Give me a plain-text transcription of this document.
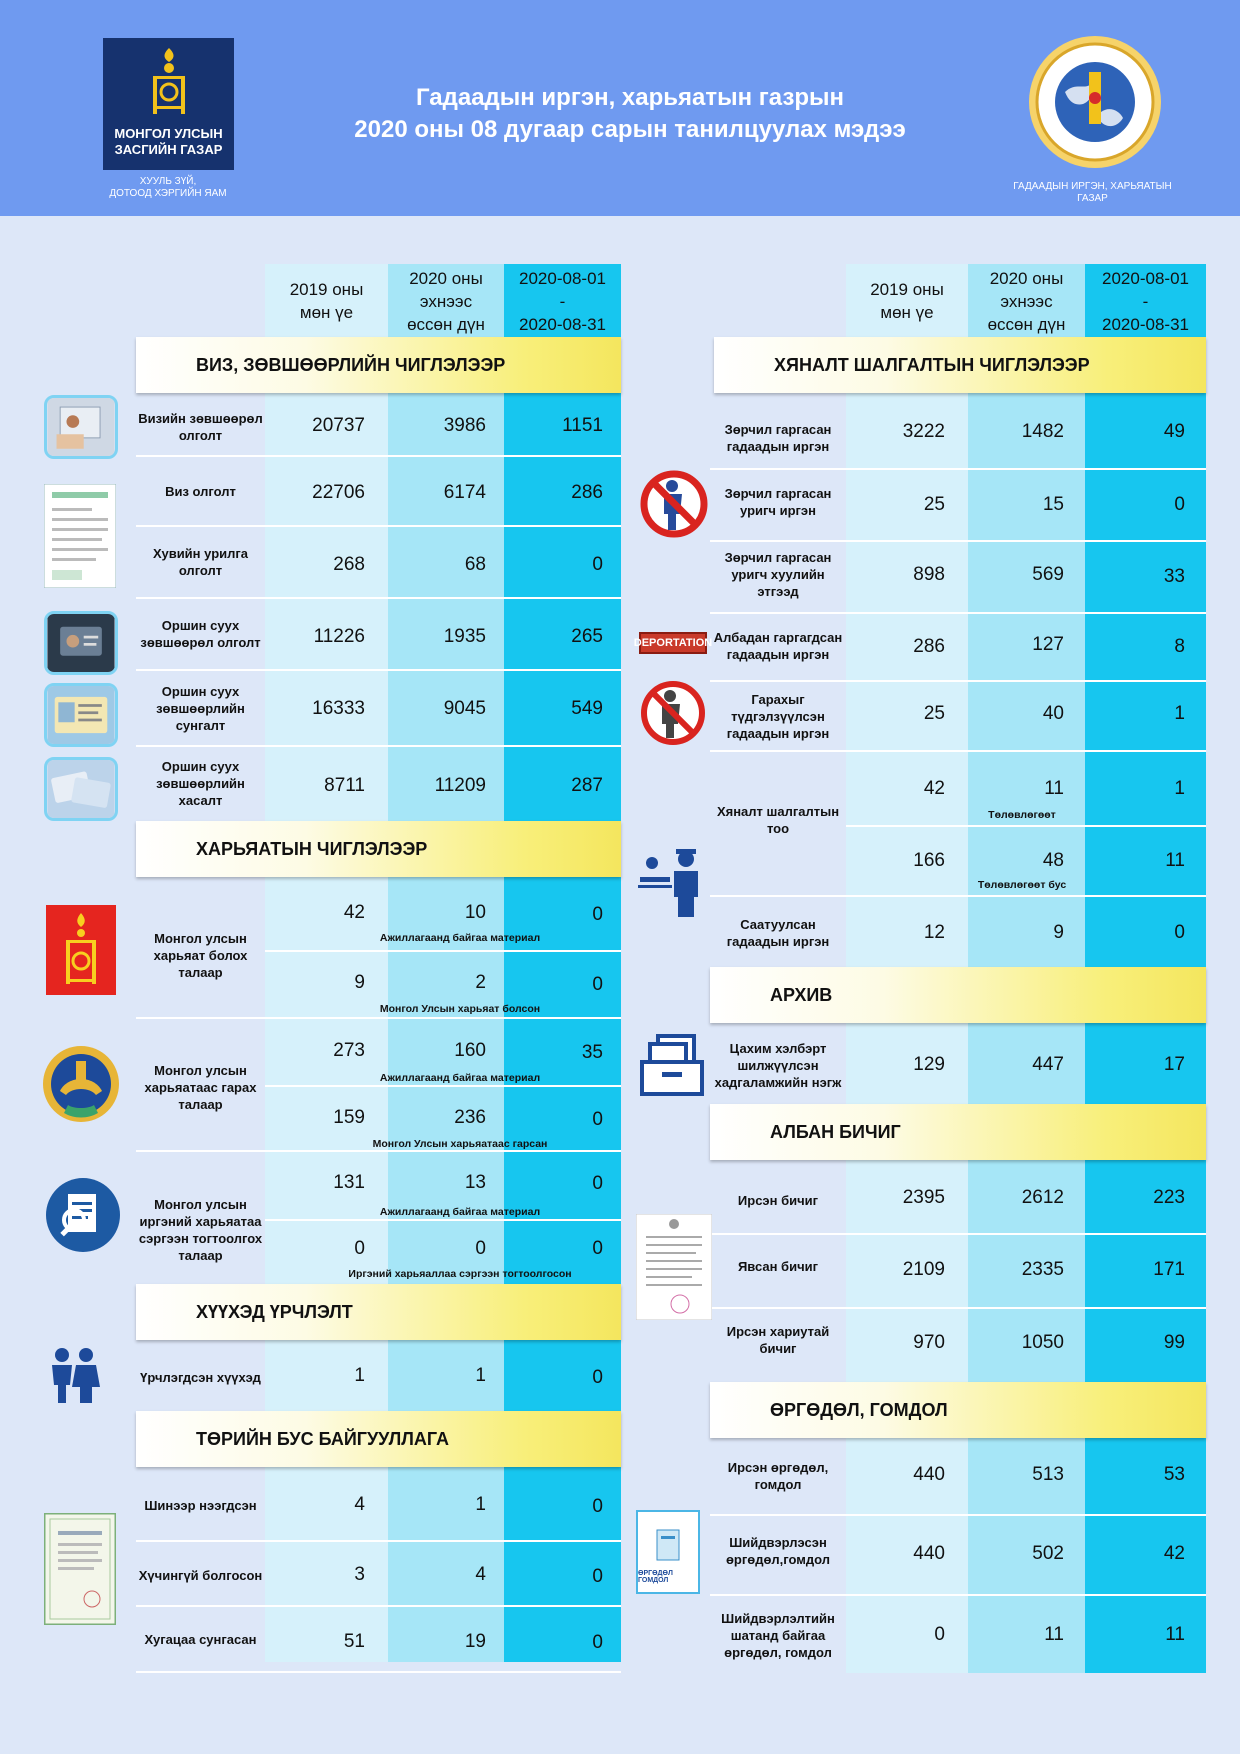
МОНГОЛ УЛСЫН
ЗАСГИЙН ГАЗАР
ХУУЛЬ ЗҮЙ,
ДОТООД ХЭРГИЙН ЯАМ
Гадаадын иргэн, харьяатын газрын
2020 оны 08 дугаар сарын танилцуулах мэдээ
ГАДААДЫН ИРГЭН, ХАРЬЯАТЫН
ГАЗАР
2019 оны
мөн үе
2020 оны
эхнээс
өссөн дүн
2020-08-01
-
2020-08-31
ВИЗ, ЗӨВШӨӨРЛИЙН ЧИГЛЭЛЭЭР
Визийн зөвшөөрөл олголт	20737	3986	1151
Виз олголт	22706	6174	286
Хувийн урилга олголт	268	68	0
Оршин суух зөвшөөрөл олголт	11226	1935	265
Оршин суух зөвшөөрлийн сунгалт
16333	9045	549
Оршин суух зөвшөөрлийн хасалт
8711	11209	287
ХАРЬЯАТЫН ЧИГЛЭЛЭЭР
Монгол улсын харьяат болох талаар
42	10	0
Ажиллагаанд байгаа материал
9	2	0
Монгол Улсын харьяат болсон
Монгол улсын харьяатаас гарах талаар
273	160	35
Ажиллагаанд байгаа материал
159	236	0
Монгол Улсын харьяатаас гарсан
Монгол улсын иргэний харьяатаа сэргээн тогтоолгох талаар
131	13	0
Ажиллагаанд байгаа материал
0	0	0
Иргэний харьяаллаа сэргээн тогтоолгосон
ХҮҮХЭД ҮРЧЛЭЛТ
Үрчлэгдсэн хүүхэд	1	1	0
ТӨРИЙН БУС БАЙГУУЛЛАГА
Шинээр нээгдсэн	4	1	0
Хүчингүй болгосон	3	4	0
Хугацаа сунгасан	51	19	0
2019 оны
мөн үе
2020 оны
эхнээс
өссөн дүн
2020-08-01
-
2020-08-31
ХЯНАЛТ ШАЛГАЛТЫН ЧИГЛЭЛЭЭР
Зөрчил гаргасан гадаадын иргэн
3222	1482	49
Зөрчил гаргасан уригч иргэн	25	15	0
Зөрчил гаргасан уригч хуулийн этгээд
898	569	33
Албадан гаргагдсан гадаадын иргэн	286	127	8
Гарахыг түдгэлзүүлсэн гадаадын иргэн
25	40	1
Хяналт шалгалтын тоо
42	11	1
Төлөвлөгөөт
166	48	11
Төлөвлөгөөт бус
Саатуулсан гадаадын иргэн	12	9	0
DEPORTATION
АРХИВ
Цахим хэлбэрт шилжүүлсэн хадгаламжийн нэгж
129	447	17
АЛБАН БИЧИГ
Ирсэн бичиг	2395	2612	223
Явсан бичиг	2109	2335	171
Ирсэн хариутай бичиг	970	1050	99
ӨРГӨДӨЛ, ГОМДОЛ
Ирсэн өргөдөл, гомдол	440	513	53
Шийдвэрлэсэн өргөдөл,гомдол	440	502	42
Шийдвэрлэлтийн шатанд байгаа өргөдөл, гомдол
0	11	11
ӨРГӨДӨЛ ГОМДОЛ
